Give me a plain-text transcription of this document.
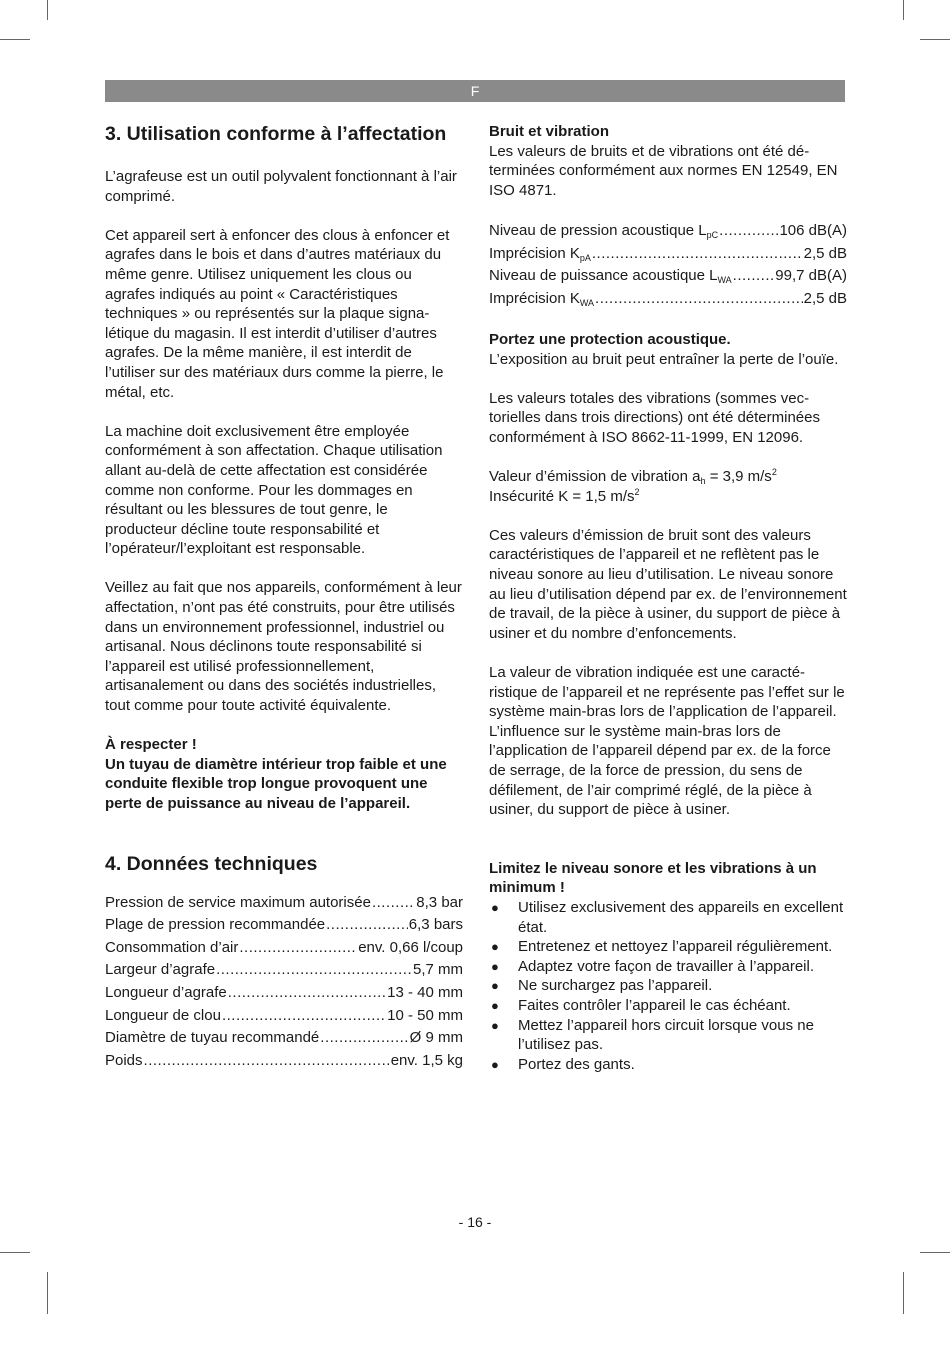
F
3. Utilisation conforme à l’affectation

L’agrafeuse est un outil polyvalent fonctionnant à l’air comprimé.

Cet appareil sert à enfoncer des clous à enfoncer et agrafes dans le bois et dans d’autres matériaux du même genre. Utilisez uniquement les clous ou agrafes indiqués au point « Caractéristiques techniques » ou représentés sur la plaque signalétique du magasin. Il est interdit d’utiliser d’autres agrafes. De la même manière, il est interdit de l’utiliser sur des matériaux durs comme la pierre, le métal, etc.

La machine doit exclusivement être employée conformément à son affectation. Chaque utilisation allant au-delà de cette affectation est considérée comme non conforme. Pour les dommages en résultant ou les blessures de tout genre, le producteur décline toute responsabilité et l’opérateur/l’exploitant est responsable.

Veillez au fait que nos appareils, conformément à leur affectation, n’ont pas été construits, pour être utilisés dans un environnement professionnel, industriel ou artisanal. Nous déclinons toute responsabilité si l’appareil est utilisé professionnellement, artisanalement ou dans des sociétés industrielles, tout comme pour toute activité équivalente.

À respecter !

Un tuyau de diamètre intérieur trop faible et une conduite flexible trop longue provoquent une perte de puissance au niveau de l’appareil.

4. Données techniques
Pression de service maximum autorisée .....	8,3 bar
Plage de pression recommandée .....	6,3 bars
Consommation d’air .....	env. 0,66 l/coup
Largeur d’agrafe .....	5,7 mm
Longueur d’agrafe .....	13 - 40 mm
Longueur de clou .....	10 - 50 mm
Diamètre de tuyau recommandé .....	Ø 9 mm
Poids .....	env. 1,5 kg

Bruit et vibration

Les valeurs de bruits et de vibrations ont été déterminées conformément aux normes EN 12549, EN ISO 4871.

Niveau de pression acoustique $L_{pC}$ .....	106 dB(A)
Imprécision $K_{pA}$ .....	2,5 dB
Niveau de puissance acoustique $L_{WA}$ .....	99,7 dB(A)
Imprécision $K_{WA}$ .....	2,5 dB

Portez une protection acoustique.

L’exposition au bruit peut entraîner la perte de l’ouïe.

Les valeurs totales des vibrations (sommes vectorielles dans trois directions) ont été déterminées conformément à ISO 8662-11-1999, EN 12096.

Valeur d’émission de vibration $a_h = 3,9$ $m/s^2$

Insécurité K = 1,5 $m/s^2$

Ces valeurs d’émission de bruit sont des valeurs caractéristiques de l’appareil et ne reflètent pas le niveau sonore au lieu d’utilisation. Le niveau sonore au lieu d’utilisation dépend par ex. de l’environnement de travail, de la pièce à usiner, du support de pièce à usiner et du nombre d’enfoncements.

La valeur de vibration indiquée est une caractéristique de l’appareil et ne représente pas l’effet sur le système main-bras lors de l’application de l’appareil. L’influence sur le système main-bras lors de l’application de l’appareil dépend par ex. de la force de serrage, de la force de pression, du sens de défilement, de l’air comprimé réglé, de la pièce à usiner, du support de pièce à usiner.

Limitez le niveau sonore et les vibrations à un minimum !

● Utilisez exclusivement des appareils en excellent état.
● Entretenez et nettoyez l’appareil régulièrement.
● Adaptez votre façon de travailler à l’appareil.
● Ne surchargez pas l’appareil.
● Faites contrôler l’appareil le cas échéant.
● Mettez l’appareil hors circuit lorsque vous ne l’utilisez pas.
● Portez des gants.
- 16 -
